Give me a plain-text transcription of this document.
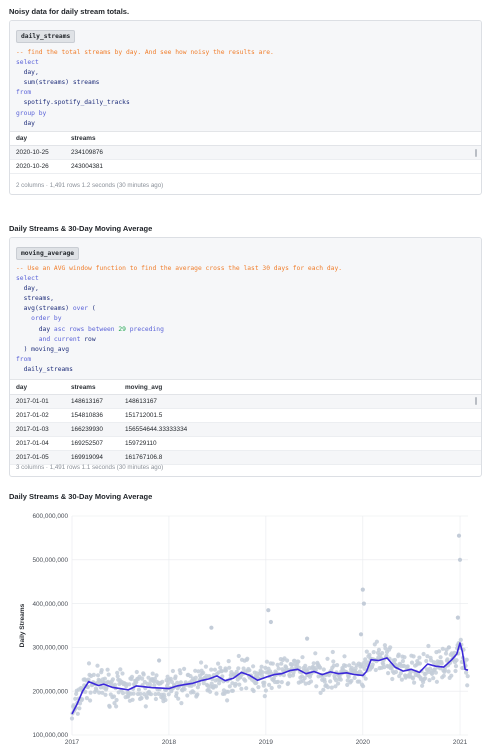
Noisy data for daily stream totals.
daily_streams
-- find the total streams by day. And see how noisy the results are.
select
day,
sum(streams) streams
from
spotify.spotify_daily_tracks
group by
day
day	streams
2020-10-25	234109876
2020-10-26	243004381
2 columns · 1,491 rows 1.2 seconds (30 minutes ago)
Daily Streams & 30-Day Moving Average
moving_average
-- Use an AVG window function to find the average cross the last 30 days for each day.
select
day,
streams,
avg(streams) over (
order by
day asc rows between 29 preceding
and current row
) moving_avg
from
daily_streams
day	streams	moving_avg
2017-01-01	148613167	148613167
2017-01-02	154810836	151712001.5
2017-01-03	166239930	156554644.33333334
2017-01-04	169252507	159729110
2017-01-05	169919094	161767106.8
3 columns · 1,491 rows 1.1 seconds (30 minutes ago)
Daily Streams & 30-Day Moving Average
100,000,000
200,000,000
300,000,000
400,000,000
500,000,000
600,000,000
2017	2018	2019	2020	2021
Daily Streams
